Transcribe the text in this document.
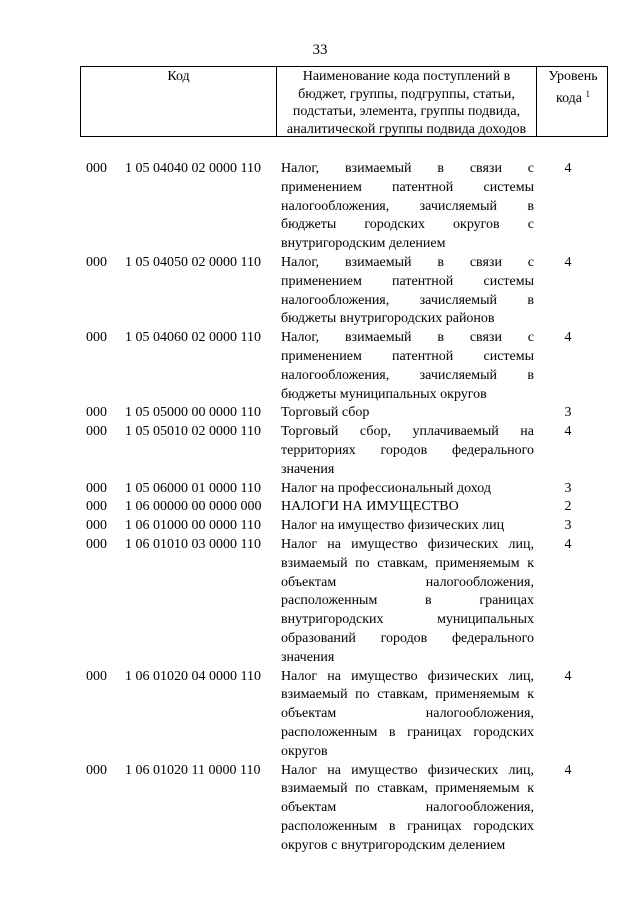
33
Код	Наименование кода поступлений в
бюджет, группы, подгруппы, статьи,
подстатьи, элемента, группы подвида,
аналитической группы подвида доходов
Уровень
кода $^1$
000	1 05 04040 02 0000 110	Налог, взимаемый в связи с
применением патентной системы
налогообложения, зачисляемый в
бюджеты городских округов с
внутригородским делением
4
000	1 05 04050 02 0000 110	Налог, взимаемый в связи с
применением патентной системы
налогообложения, зачисляемый в
бюджеты внутригородских районов
4
000	1 05 04060 02 0000 110	Налог, взимаемый в связи с
применением патентной системы
налогообложения, зачисляемый в
бюджеты муниципальных округов
4
000	1 05 05000 00 0000 110	Торговый сбор	3
000	1 05 05010 02 0000 110	Торговый сбор, уплачиваемый на
территориях городов федерального
значения
4
000	1 05 06000 01 0000 110	Налог на профессиональный доход	3
000	1 06 00000 00 0000 000	НАЛОГИ НА ИМУЩЕСТВО	2
000	1 06 01000 00 0000 110	Налог на имущество физических лиц	3
000	1 06 01010 03 0000 110	Налог на имущество физических лиц,
взимаемый по ставкам, применяемым к
объектам налогообложения,
расположенным в границах
внутригородских муниципальных
образований городов федерального
значения
4
000	1 06 01020 04 0000 110	Налог на имущество физических лиц,
взимаемый по ставкам, применяемым к
объектам налогообложения,
расположенным в границах городских
округов
4
000	1 06 01020 11 0000 110	Налог на имущество физических лиц,
взимаемый по ставкам, применяемым к
объектам налогообложения,
расположенным в границах городских
округов с внутригородским делением
4
